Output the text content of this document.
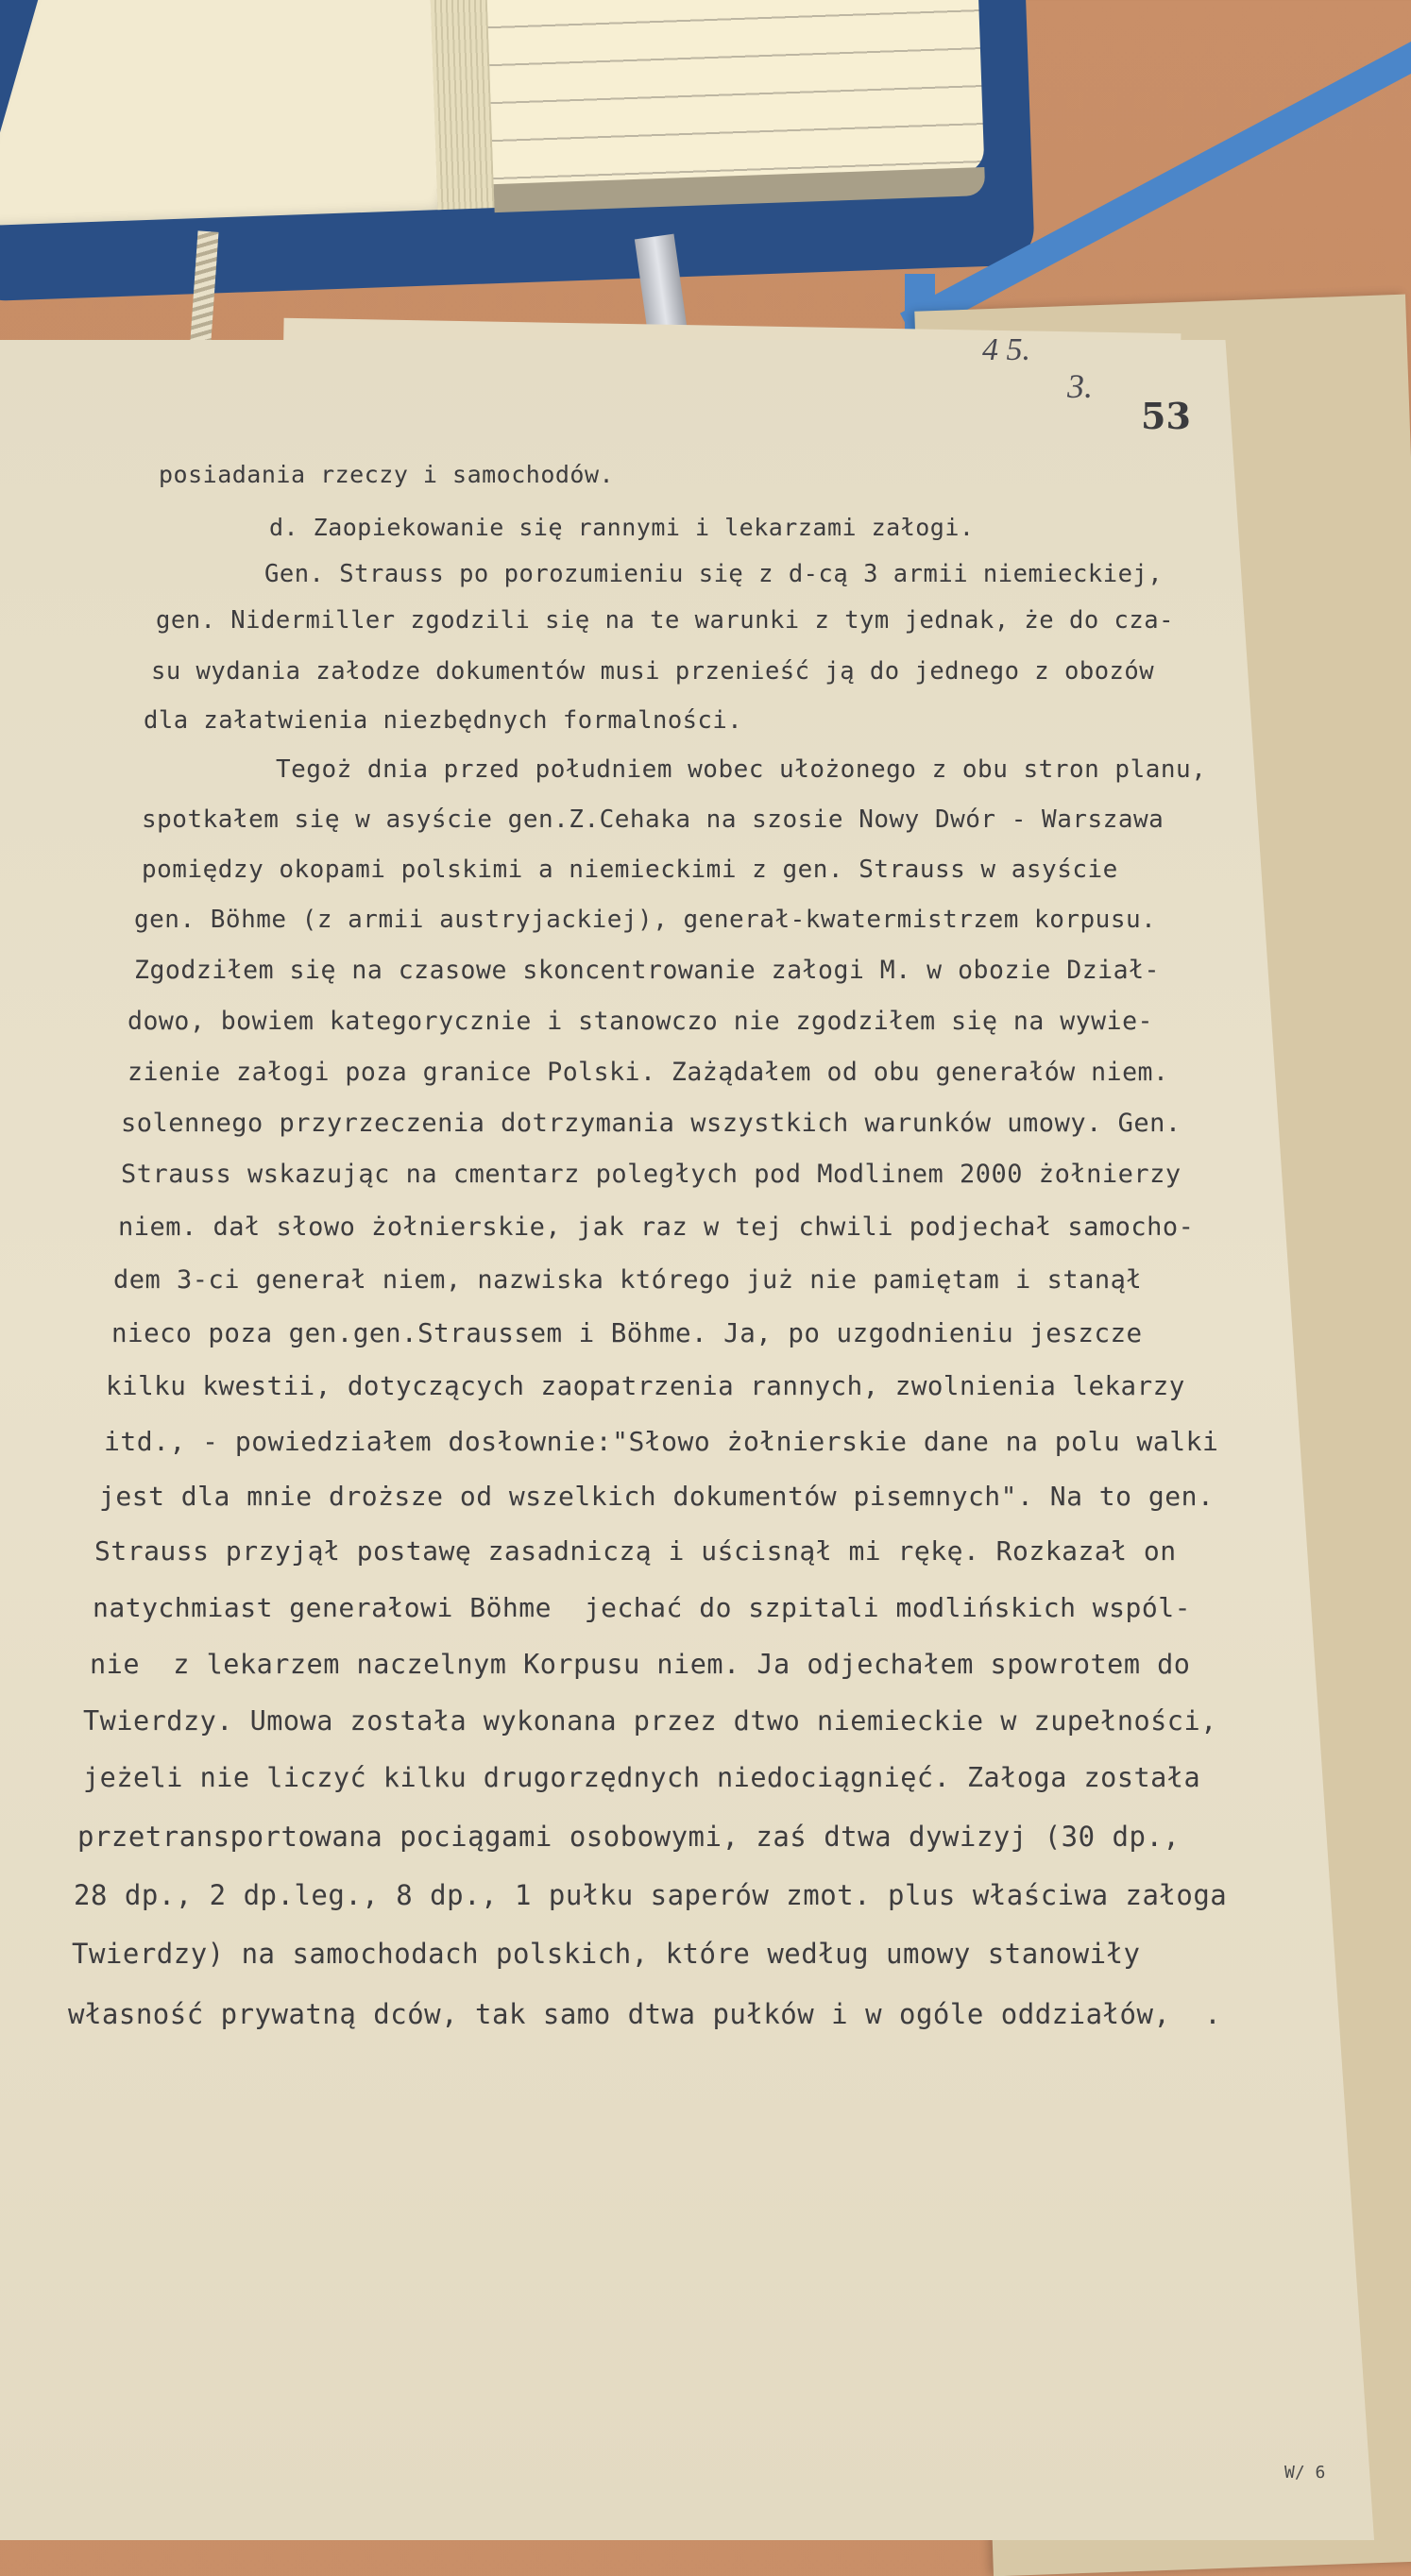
4 5.
3.
53
posiadania rzeczy i samochodów.
d. Zaopiekowanie się rannymi i lekarzami załogi.
Gen. Strauss po porozumieniu się z d-cą 3 armii niemieckiej,
gen. Nidermiller zgodzili się na te warunki z tym jednak, że do cza-
su wydania załodze dokumentów musi przenieść ją do jednego z obozów
dla załatwienia niezbędnych formalności.
Tegoż dnia przed południem wobec ułożonego z obu stron planu,
spotkałem się w asyście gen.Z.Cehaka na szosie Nowy Dwór - Warszawa
pomiędzy okopami polskimi a niemieckimi z gen. Strauss w asyście
gen. Böhme (z armii austryjackiej), generał-kwatermistrzem korpusu.
Zgodziłem się na czasowe skoncentrowanie załogi M. w obozie Dział-
dowo, bowiem kategorycznie i stanowczo nie zgodziłem się na wywie-
zienie załogi poza granice Polski. Zażądałem od obu generałów niem.
solennego przyrzeczenia dotrzymania wszystkich warunków umowy. Gen.
Strauss wskazując na cmentarz poległych pod Modlinem 2000 żołnierzy
niem. dał słowo żołnierskie, jak raz w tej chwili podjechał samocho-
dem 3-ci generał niem, nazwiska którego już nie pamiętam i stanął
nieco poza gen.gen.Straussem i Böhme. Ja, po uzgodnieniu jeszcze
kilku kwestii, dotyczących zaopatrzenia rannych, zwolnienia lekarzy
itd., - powiedziałem dosłownie:"Słowo żołnierskie dane na polu walki
jest dla mnie droższe od wszelkich dokumentów pisemnych". Na to gen.
Strauss przyjął postawę zasadniczą i uścisnął mi rękę. Rozkazał on
natychmiast generałowi Böhme  jechać do szpitali modlińskich wspól-
nie  z lekarzem naczelnym Korpusu niem. Ja odjechałem spowrotem do
Twierdzy. Umowa została wykonana przez dtwo niemieckie w zupełności,
jeżeli nie liczyć kilku drugorzędnych niedociągnięć. Załoga została
przetransportowana pociągami osobowymi, zaś dtwa dywizyj (30 dp.,
28 dp., 2 dp.leg., 8 dp., 1 pułku saperów zmot. plus właściwa załoga
Twierdzy) na samochodach polskich, które według umowy stanowiły
własność prywatną dców, tak samo dtwa pułków i w ogóle oddziałów,  .
W/ 6
